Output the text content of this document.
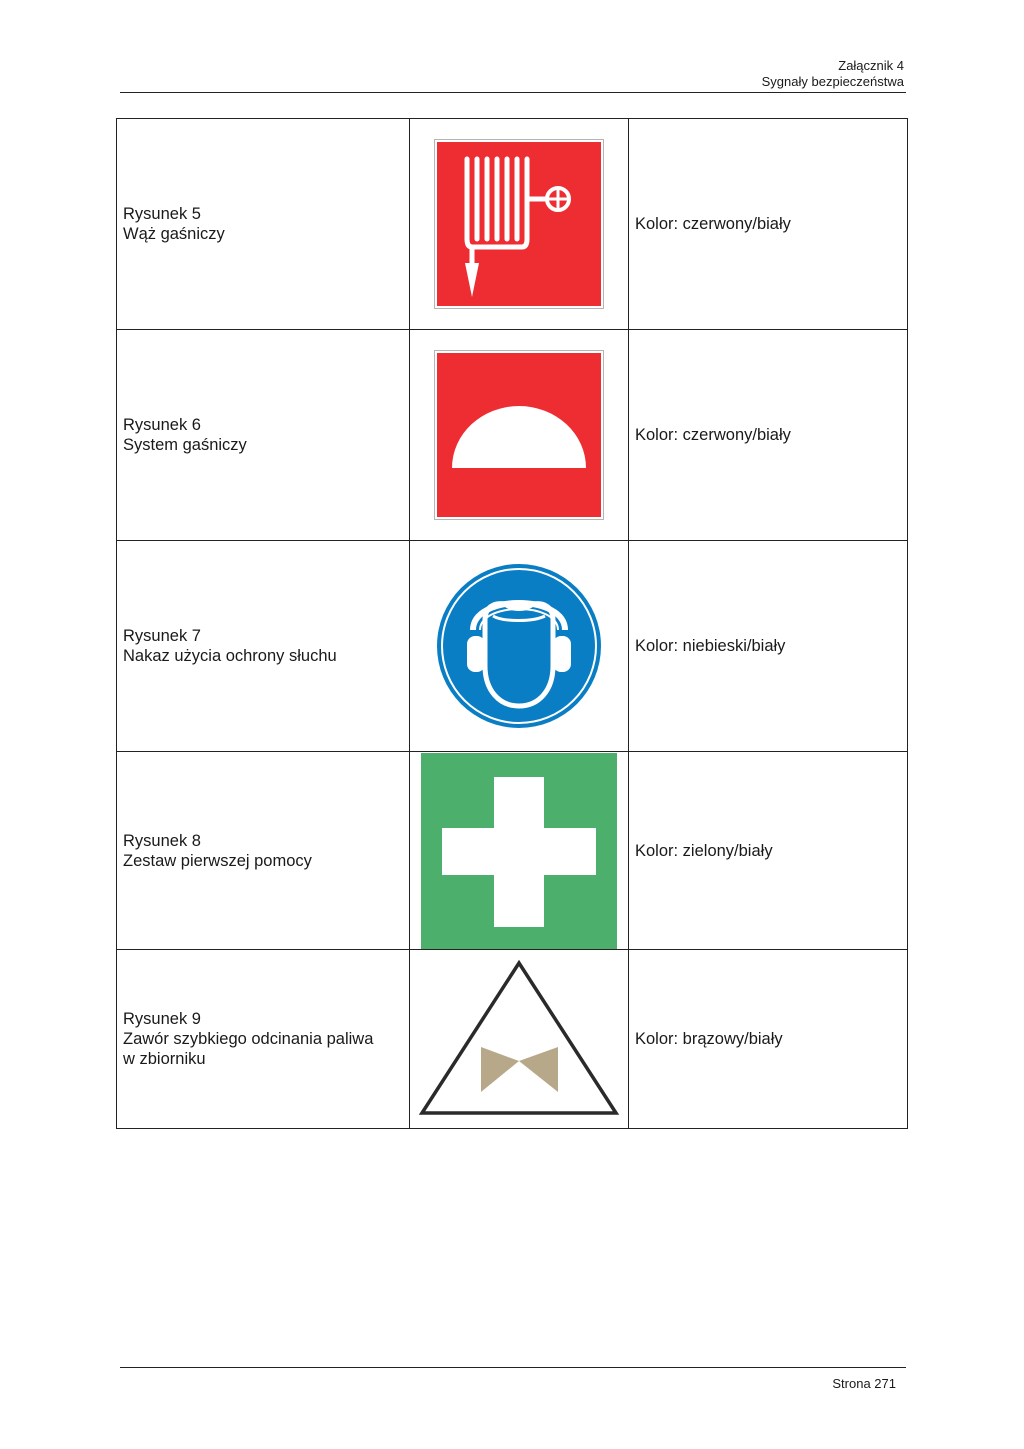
Załącznik 4
Sygnały bezpieczeństwa
Rysunek 5
Wąż gaśniczy		Kolor: czerwony/biały

Rysunek 6
System gaśniczy		Kolor: czerwony/biały

Rysunek 7
Nakaz użycia ochrony słuchu		Kolor: niebieski/biały

Rysunek 8
Zestaw pierwszej pomocy		Kolor: zielony/biały

Rysunek 9
Zawór szybkiego odcinania paliwa
w zbiorniku		Kolor: brązowy/biały
Strona 271
